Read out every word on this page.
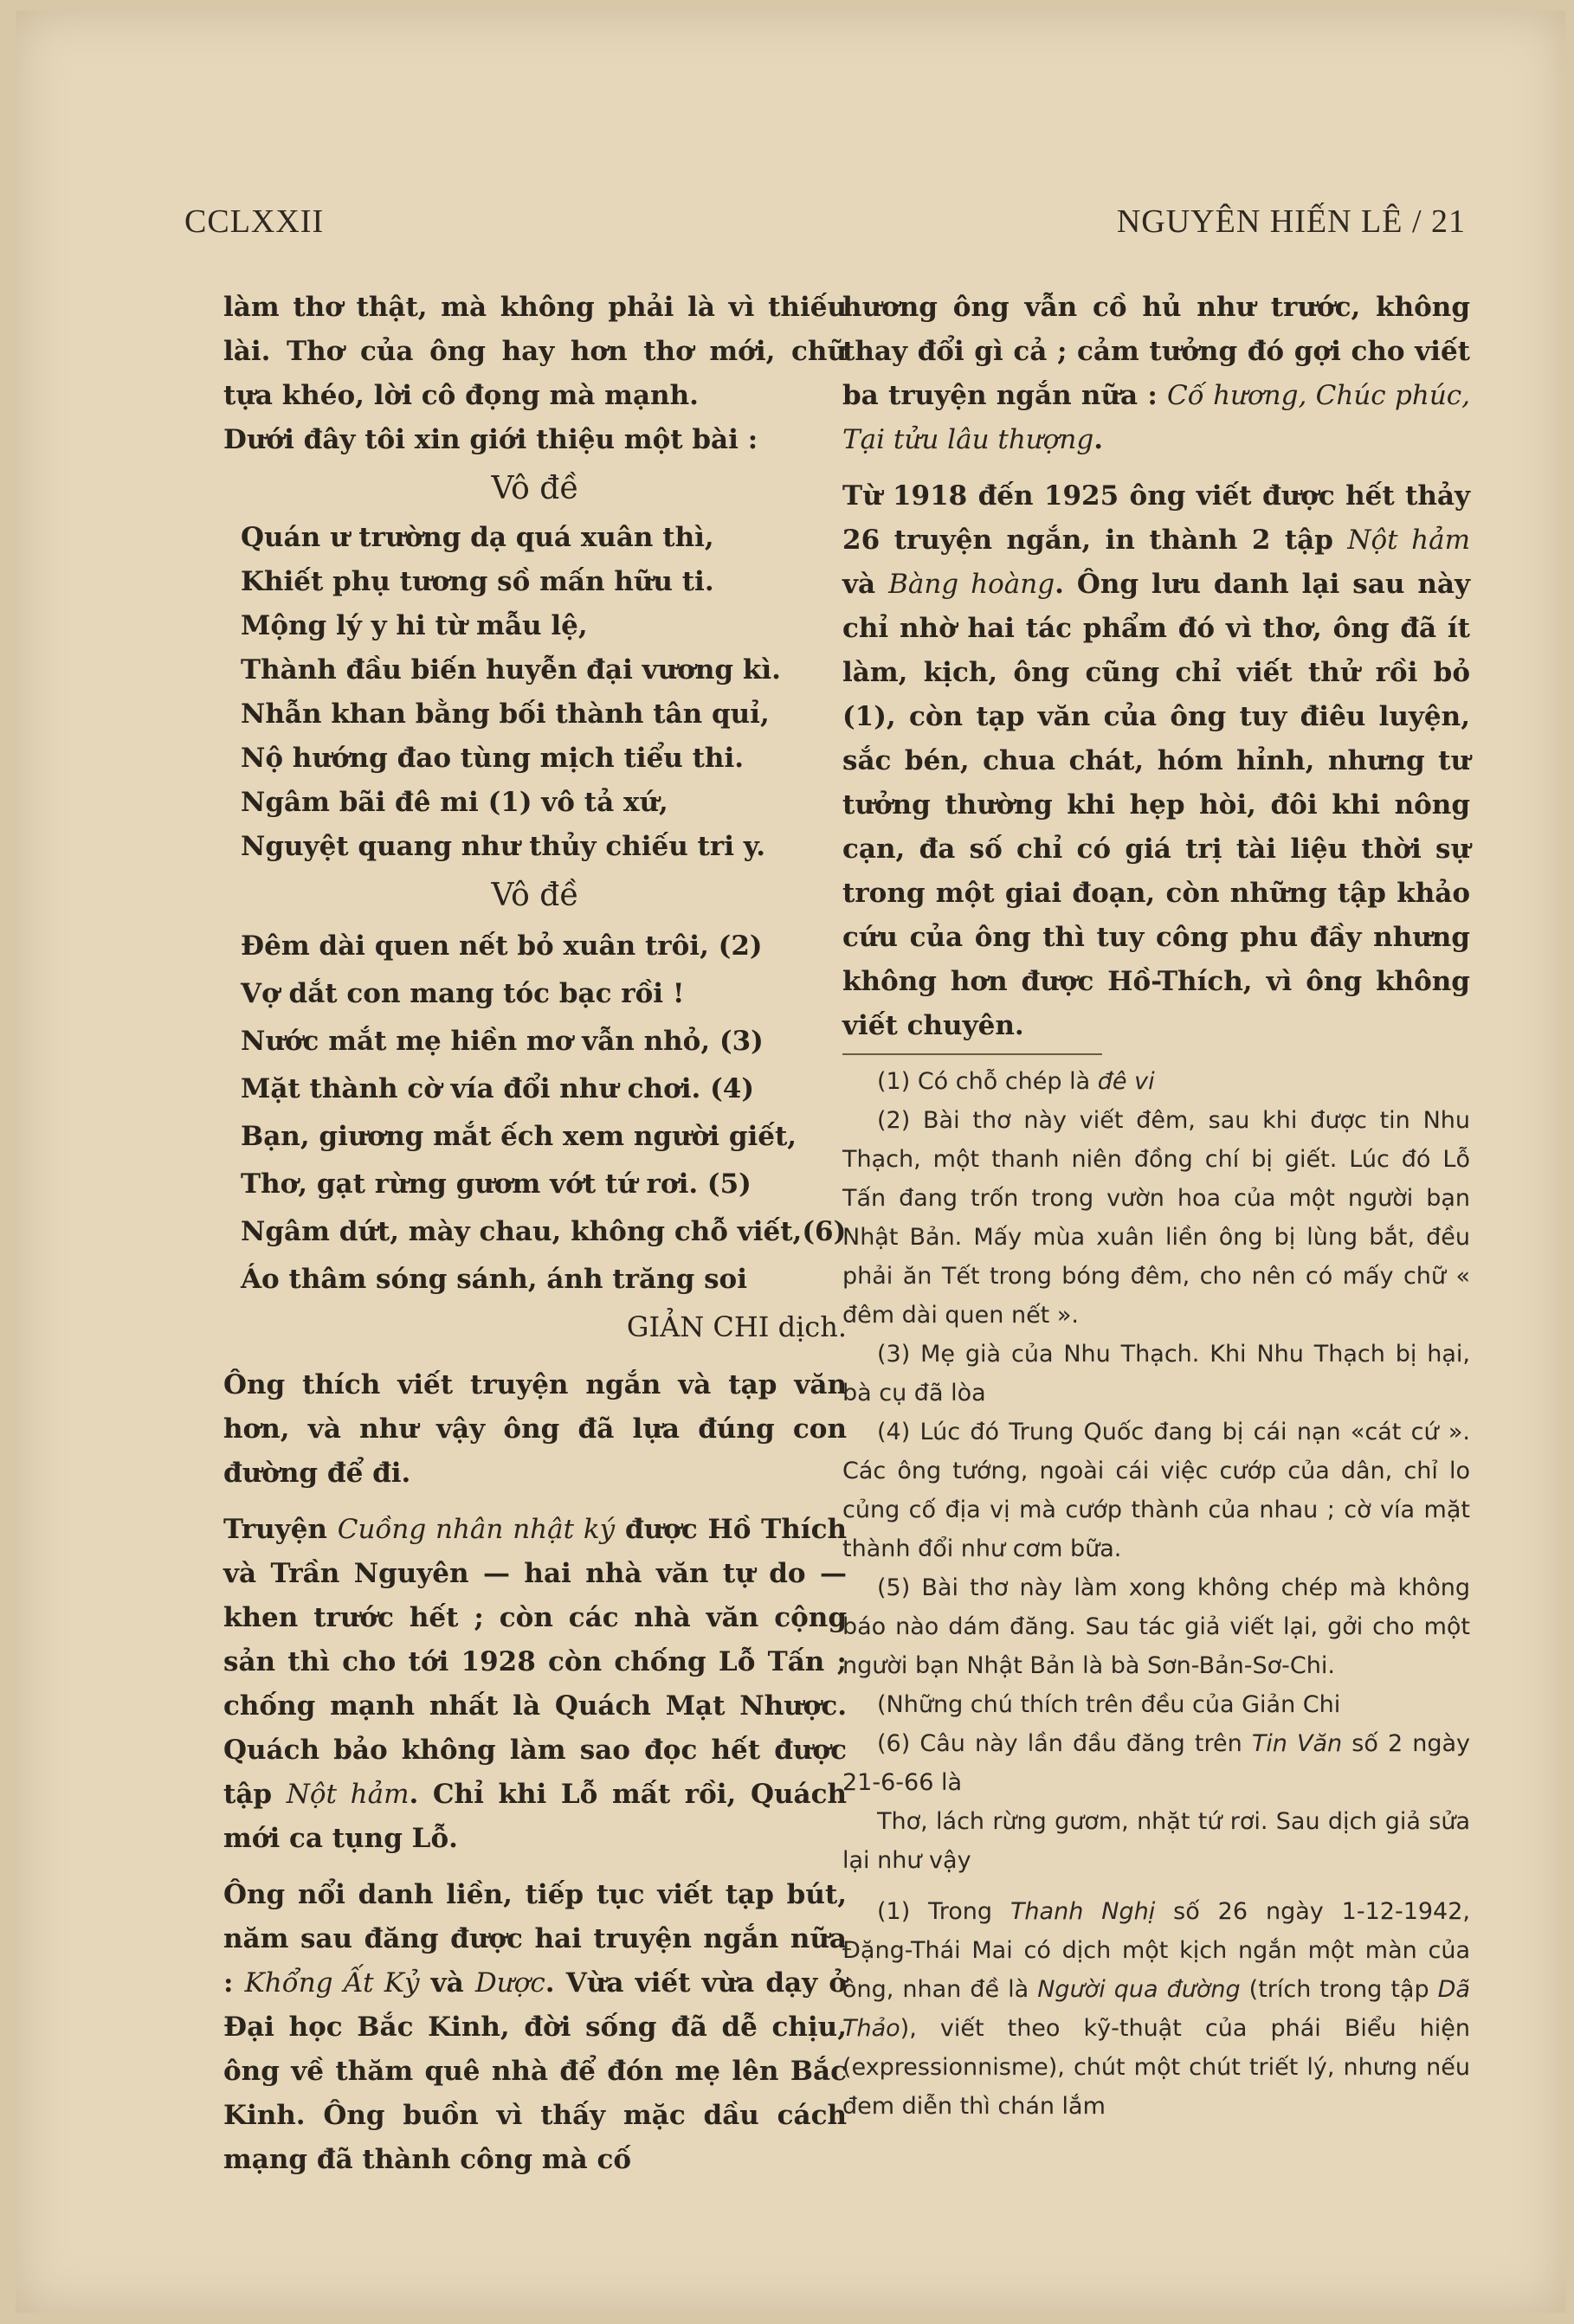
CCLXXII	NGUYÊN HIẾN LÊ / 21

làm thơ thật, mà không phải là vì thiếu lài. Thơ của ông hay hơn thơ mới, chữ tựa khéo, lời cô đọng mà mạnh.

Dưới đây tôi xin giới thiệu một bài :

Vô đề

Quán ư trường dạ quá xuân thì,

Khiết phụ tương sồ mấn hữu ti.

Mộng lý y hi từ mẫu lệ,

Thành đầu biến huyễn đại vương kì.

Nhẫn khan bằng bối thành tân quỉ,

Nộ hướng đao tùng mịch tiểu thi.

Ngâm bãi đê mi (1) vô tả xứ,

Nguyệt quang như thủy chiếu tri y.

Vô đề

Đêm dài quen nết bỏ xuân trôi, (2)

Vợ dắt con mang tóc bạc rồi !

Nước mắt mẹ hiền mơ vẫn nhỏ, (3)

Mặt thành cờ vía đổi như chơi. (4)

Bạn, giương mắt ếch xem người giết,

Thơ, gạt rừng gươm vớt tứ rơi. (5)

Ngâm dứt, mày chau, không chỗ viết,(6)

Áo thâm sóng sánh, ánh trăng soi

GIẢN CHI dịch.

Ông thích viết truyện ngắn và tạp văn hơn, và như vậy ông đã lựa đúng con đường để đi.

Truyện Cuồng nhân nhật ký được Hồ Thích và Trần Nguyên — hai nhà văn tự do — khen trước hết ; còn các nhà văn cộng sản thì cho tới 1928 còn chống Lỗ Tấn ; chống mạnh nhất là Quách Mạt Nhược. Quách bảo không làm sao đọc hết được tập Nột hảm. Chỉ khi Lỗ mất rồi, Quách mới ca tụng Lỗ.

Ông nổi danh liền, tiếp tục viết tạp bút, năm sau đăng được hai truyện ngắn nữa : Khổng Ất Kỷ và Dược. Vừa viết vừa dạy ở Đại học Bắc Kinh, đời sống đã dễ chịu, ông về thăm quê nhà để đón mẹ lên Bắc Kinh. Ông buồn vì thấy mặc dầu cách mạng đã thành công mà cố

hương ông vẫn cồ hủ như trước, không thay đổi gì cả ; cảm tưởng đó gợi cho viết ba truyện ngắn nữa : Cố hương, Chúc phúc, Tại tửu lâu thượng.

Từ 1918 đến 1925 ông viết được hết thảy 26 truyện ngắn, in thành 2 tập Nột hảm và Bàng hoàng. Ông lưu danh lại sau này chỉ nhờ hai tác phẩm đó vì thơ, ông đã ít làm, kịch, ông cũng chỉ viết thử rồi bỏ (1), còn tạp văn của ông tuy điêu luyện, sắc bén, chua chát, hóm hỉnh, nhưng tư tưởng thường khi hẹp hòi, đôi khi nông cạn, đa số chỉ có giá trị tài liệu thời sự trong một giai đoạn, còn những tập khảo cứu của ông thì tuy công phu đầy nhưng không hơn được Hồ-Thích, vì ông không viết chuyên.

(1) Có chỗ chép là đê vi

(2) Bài thơ này viết đêm, sau khi được tin Nhu Thạch, một thanh niên đồng chí bị giết. Lúc đó Lỗ Tấn đang trốn trong vườn hoa của một người bạn Nhật Bản. Mấy mùa xuân liền ông bị lùng bắt, đều phải ăn Tết trong bóng đêm, cho nên có mấy chữ « đêm dài quen nết ».

(3) Mẹ già của Nhu Thạch. Khi Nhu Thạch bị hại, bà cụ đã lòa

(4) Lúc đó Trung Quốc đang bị cái nạn «cát cứ ». Các ông tướng, ngoài cái việc cướp của dân, chỉ lo củng cố địa vị mà cướp thành của nhau ; cờ vía mặt thành đổi như cơm bữa.

(5) Bài thơ này làm xong không chép mà không báo nào dám đăng. Sau tác giả viết lại, gởi cho một người bạn Nhật Bản là bà Sơn-Bản-Sơ-Chi.

(Những chú thích trên đều của Giản Chi

(6) Câu này lần đầu đăng trên Tin Văn số 2 ngày 21-6-66 là

Thơ, lách rừng gươm, nhặt tứ rơi. Sau dịch giả sửa lại như vậy

(1) Trong Thanh Nghị số 26 ngày 1-12-1942, Đặng-Thái Mai có dịch một kịch ngắn một màn của ông, nhan đề là Người qua đường (trích trong tập Dã Thảo), viết theo kỹ-thuật của phái Biểu hiện (expressionnisme), chút một chút triết lý, nhưng nếu đem diễn thì chán lắm
